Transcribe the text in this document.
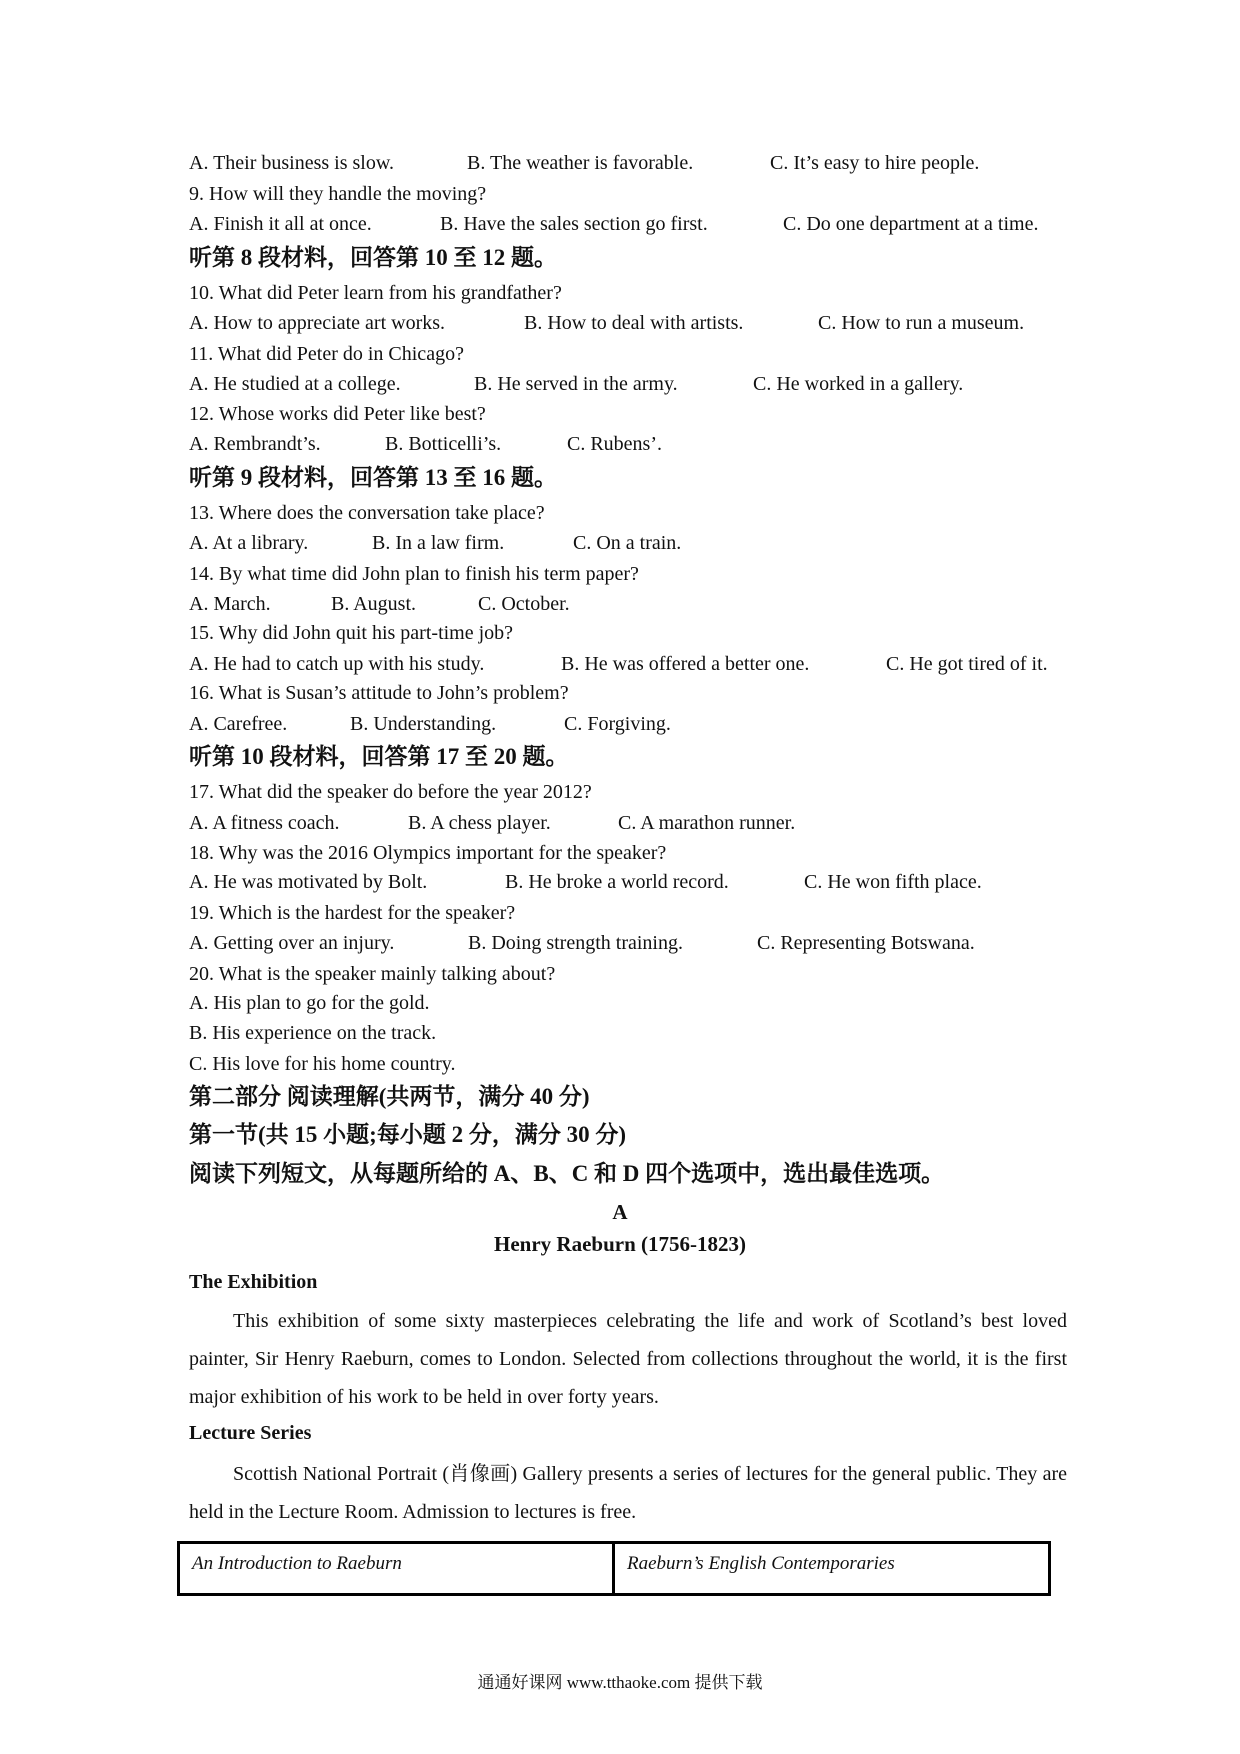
A. Their business is slow.	B. The weather is favorable.	C. It’s easy to hire people.
9. How will they handle the moving?
A. Finish it all at once.	B. Have the sales section go first.	C. Do one department at a time.
听第 8 段材料，回答第 10 至 12 题。
10. What did Peter learn from his grandfather?
A. How to appreciate art works.	B. How to deal with artists.	C. How to run a museum.
11. What did Peter do in Chicago?
A. He studied at a college.	B. He served in the army.	C. He worked in a gallery.
12. Whose works did Peter like best?
A. Rembrandt’s.	B. Botticelli’s.	C. Rubens’.
听第 9 段材料，回答第 13 至 16 题。
13. Where does the conversation take place?
A. At a library.	B. In a law firm.	C. On a train.
14. By what time did John plan to finish his term paper?
A. March.	B. August.	C. October.
15. Why did John quit his part-time job?
A. He had to catch up with his study.	B. He was offered a better one.	C. He got tired of it.
16. What is Susan’s attitude to John’s problem?
A. Carefree.	B. Understanding.	C. Forgiving.
听第 10 段材料，回答第 17 至 20 题。
17. What did the speaker do before the year 2012?
A. A fitness coach.	B. A chess player.	C. A marathon runner.
18. Why was the 2016 Olympics important for the speaker?
A. He was motivated by Bolt.	B. He broke a world record.	C. He won fifth place.
19. Which is the hardest for the speaker?
A. Getting over an injury.	B. Doing strength training.	C. Representing Botswana.
20. What is the speaker mainly talking about?
A. His plan to go for the gold.
B. His experience on the track.
C. His love for his home country.
第二部分 阅读理解(共两节，满分 40 分)
第一节(共 15 小题;每小题 2 分，满分 30 分)
阅读下列短文，从每题所给的 A、B、C 和 D 四个选项中，选出最佳选项。
A
Henry Raeburn (1756-1823)
The Exhibition
This exhibition of some sixty masterpieces celebrating the life and work of Scotland’s best loved painter, Sir Henry Raeburn, comes to London. Selected from collections throughout the world, it is the first major exhibition of his work to be held in over forty years.
Lecture Series
Scottish National Portrait (肖像画) Gallery presents a series of lectures for the general public. They are held in the Lecture Room. Admission to lectures is free.
An Introduction to Raeburn	Raeburn’s English Contemporaries
通通好课网 www.tthaoke.com 提供下载
